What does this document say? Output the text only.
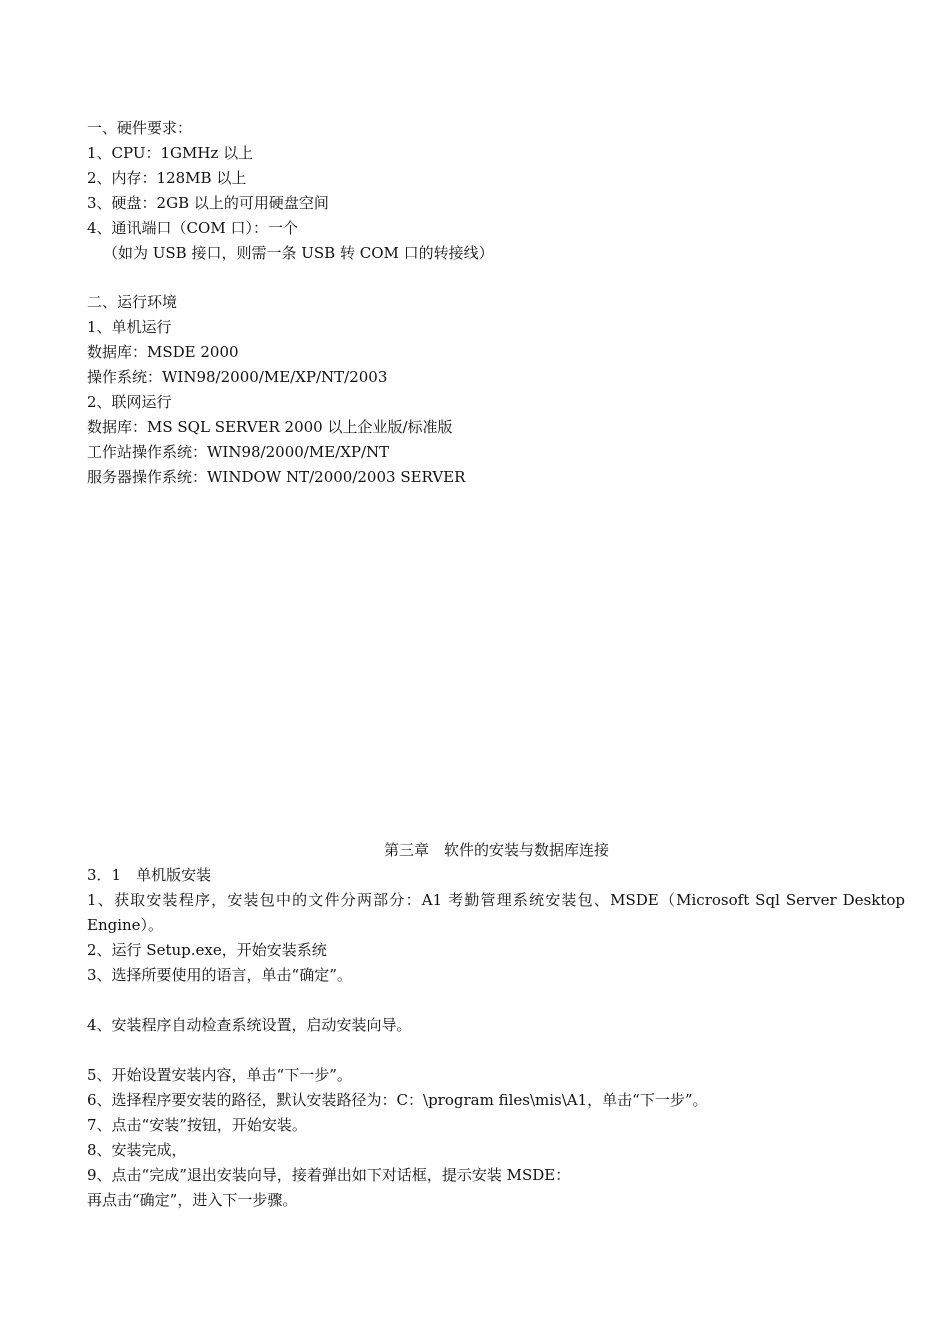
一、硬件要求：
1、CPU：1GMHz 以上
2、内存：128MB 以上
3、硬盘：2GB 以上的可用硬盘空间
4、通讯端口（COM 口）：一个
（如为 USB 接口，则需一条 USB 转 COM 口的转接线）
二、运行环境
1、单机运行
数据库：MSDE 2000
操作系统：WIN98/2000/ME/XP/NT/2003
2、联网运行
数据库：MS SQL SERVER 2000 以上企业版/标准版
工作站操作系统：WIN98/2000/ME/XP/NT
服务器操作系统：WINDOW NT/2000/2003 SERVER
第三章　软件的安装与数据库连接
3．1　单机版安装
1、获取安装程序，安装包中的文件分两部分：A1 考勤管理系统安装包、MSDE（Microsoft Sql Server Desktop
Engine）。
2、运行 Setup.exe，开始安装系统
3、选择所要使用的语言，单击“确定”。
4、安装程序自动检查系统设置，启动安装向导。
5、开始设置安装内容，单击“下一步”。
6、选择程序要安装的路径，默认安装路径为：C：\program files\mis\A1，单击“下一步”。
7、点击“安装”按钮，开始安装。
8、安装完成，
9、点击“完成”退出安装向导，接着弹出如下对话框，提示安装 MSDE：
再点击“确定”，进入下一步骤。
